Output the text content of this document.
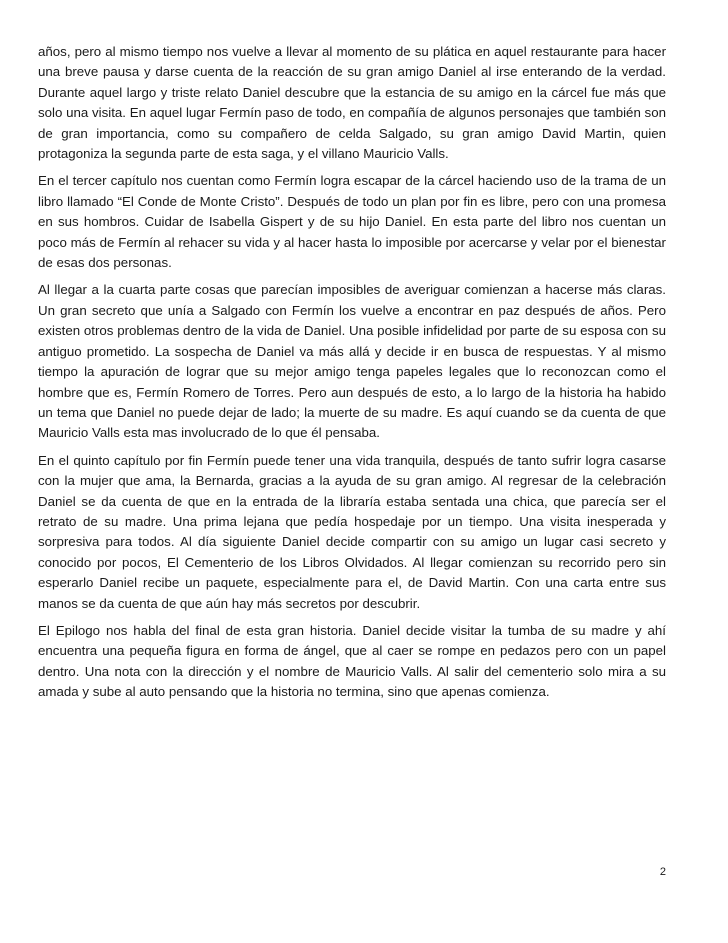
años, pero al mismo tiempo nos vuelve a llevar al momento de su plática en aquel restaurante para hacer una breve pausa y darse cuenta de la reacción de su gran amigo Daniel al irse enterando de la verdad. Durante aquel largo y triste relato Daniel descubre que la estancia de su amigo en la cárcel fue más que solo una visita. En aquel lugar Fermín paso de todo, en compañía de algunos personajes que también son de gran importancia, como su compañero de celda Salgado, su gran amigo David Martin, quien protagoniza la segunda parte de esta saga, y el villano Mauricio Valls.

En el tercer capítulo nos cuentan como Fermín logra escapar de la cárcel haciendo uso de la trama de un libro llamado “El Conde de Monte Cristo”. Después de todo un plan por fin es libre, pero con una promesa en sus hombros. Cuidar de Isabella Gispert y de su hijo Daniel. En esta parte del libro nos cuentan un poco más de Fermín al rehacer su vida y al hacer hasta lo imposible por acercarse y velar por el bienestar de esas dos personas.

Al llegar a la cuarta parte cosas que parecían imposibles de averiguar comienzan a hacerse más claras. Un gran secreto que unía a Salgado con Fermín los vuelve a encontrar en paz después de años. Pero existen otros problemas dentro de la vida de Daniel. Una posible infidelidad por parte de su esposa con su antiguo prometido. La sospecha de Daniel va más allá y decide ir en busca de respuestas. Y al mismo tiempo la apuración de lograr que su mejor amigo tenga papeles legales que lo reconozcan como el hombre que es, Fermín Romero de Torres. Pero aun después de esto, a lo largo de la historia ha habido un tema que Daniel no puede dejar de lado; la muerte de su madre. Es aquí cuando se da cuenta de que Mauricio Valls esta mas involucrado de lo que él pensaba.

En el quinto capítulo por fin Fermín puede tener una vida tranquila, después de tanto sufrir logra casarse con la mujer que ama, la Bernarda, gracias a la ayuda de su gran amigo. Al regresar de la celebración Daniel se da cuenta de que en la entrada de la libraría estaba sentada una chica, que parecía ser el retrato de su madre. Una prima lejana que pedía hospedaje por un tiempo. Una visita inesperada y sorpresiva para todos. Al día siguiente Daniel decide compartir con su amigo un lugar casi secreto y conocido por pocos, El Cementerio de los Libros Olvidados. Al llegar comienzan su recorrido pero sin esperarlo Daniel recibe un paquete, especialmente para el, de David Martin. Con una carta entre sus manos se da cuenta de que aún hay más secretos por descubrir.

El Epilogo nos habla del final de esta gran historia. Daniel decide visitar la tumba de su madre y ahí encuentra una pequeña figura en forma de ángel, que al caer se rompe en pedazos pero con un papel dentro. Una nota con la dirección y el nombre de Mauricio Valls. Al salir del cementerio solo mira a su amada y sube al auto pensando que la historia no termina, sino que apenas comienza.

2
